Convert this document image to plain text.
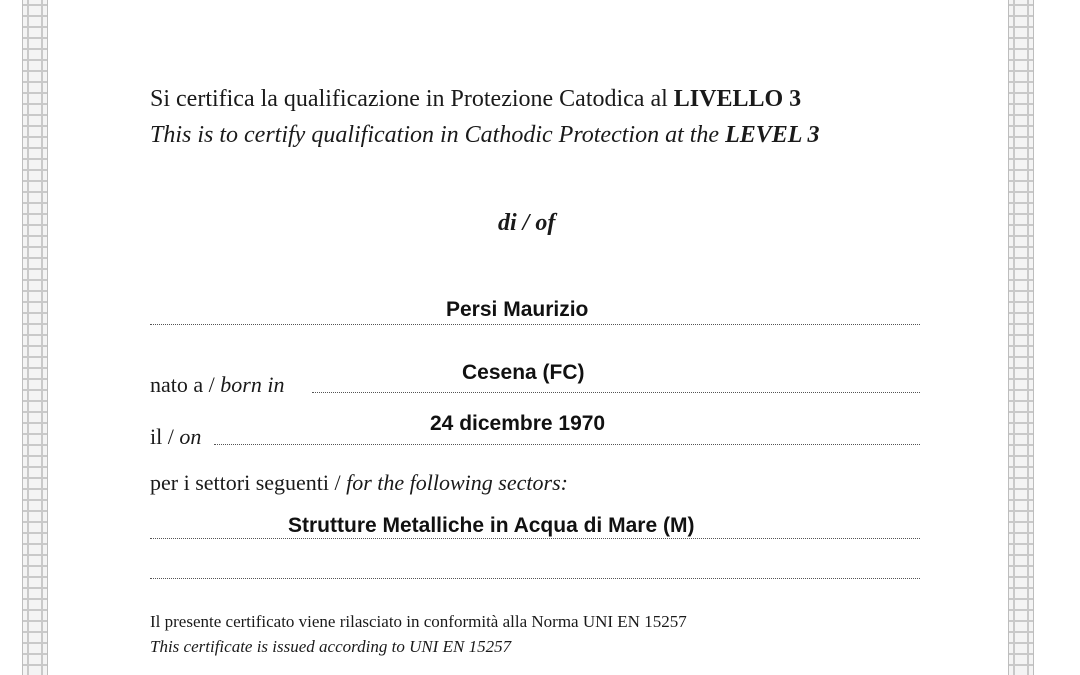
Si certifica la qualificazione in Protezione Catodica al LIVELLO 3
This is to certify qualification in Cathodic Protection at the LEVEL 3
di / of
Persi Maurizio
nato a / born in	Cesena (FC)
il / on
24 dicembre 1970
per i settori seguenti / for the following sectors:
Strutture Metalliche in Acqua di Mare (M)
Il presente certificato viene rilasciato in conformità alla Norma UNI EN 15257
This certificate is issued according to UNI EN 15257
